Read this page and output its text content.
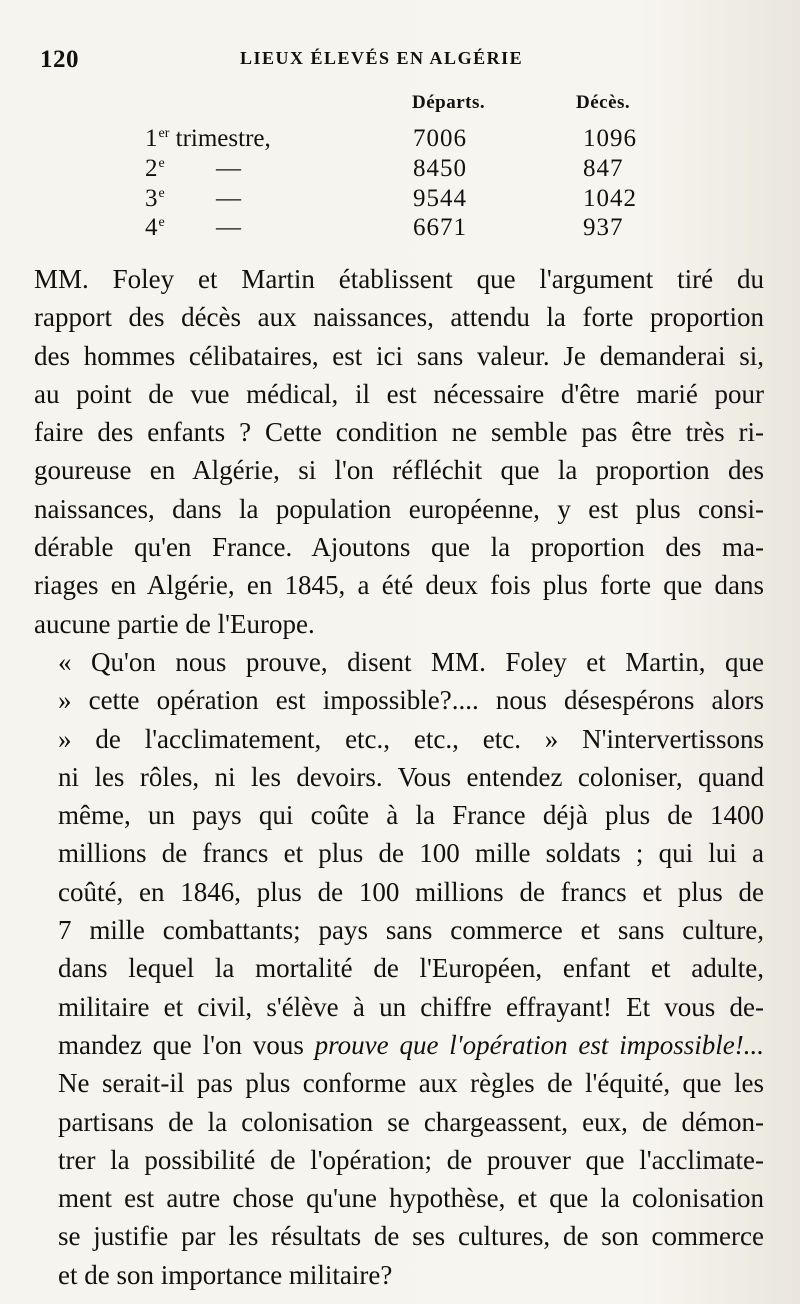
120	LIEUX ÉLEVÉS EN ALGÉRIE
Départs.	Décès.
1er trimestre,	7006	1096
2e —	8450	847
3e —	9544	1042
4e —	6671	937

MM. Foley et Martin établissent que l'argument tiré du
rapport des décès aux naissances, attendu la forte proportion
des hommes célibataires, est ici sans valeur. Je demanderai si,
au point de vue médical, il est nécessaire d'être marié pour
faire des enfants ? Cette condition ne semble pas être très ri-
goureuse en Algérie, si l'on réfléchit que la proportion des
naissances, dans la population européenne, y est plus consi-
dérable qu'en France. Ajoutons que la proportion des ma-
riages en Algérie, en 1845, a été deux fois plus forte que dans
aucune partie de l'Europe.

« Qu'on nous prouve, disent MM. Foley et Martin, que
» cette opération est impossible?.... nous désespérons alors
» de l'acclimatement, etc., etc., etc. » N'intervertissons
ni les rôles, ni les devoirs. Vous entendez coloniser, quand
même, un pays qui coûte à la France déjà plus de 1400
millions de francs et plus de 100 mille soldats ; qui lui a
coûté, en 1846, plus de 100 millions de francs et plus de
7 mille combattants; pays sans commerce et sans culture,
dans lequel la mortalité de l'Européen, enfant et adulte,
militaire et civil, s'élève à un chiffre effrayant! Et vous de-
mandez que l'on vous prouve que l'opération est impossible!...
Ne serait-il pas plus conforme aux règles de l'équité, que les
partisans de la colonisation se chargeassent, eux, de démon-
trer la possibilité de l'opération; de prouver que l'acclimate-
ment est autre chose qu'une hypothèse, et que la colonisation
se justifie par les résultats de ses cultures, de son commerce
et de son importance militaire?
